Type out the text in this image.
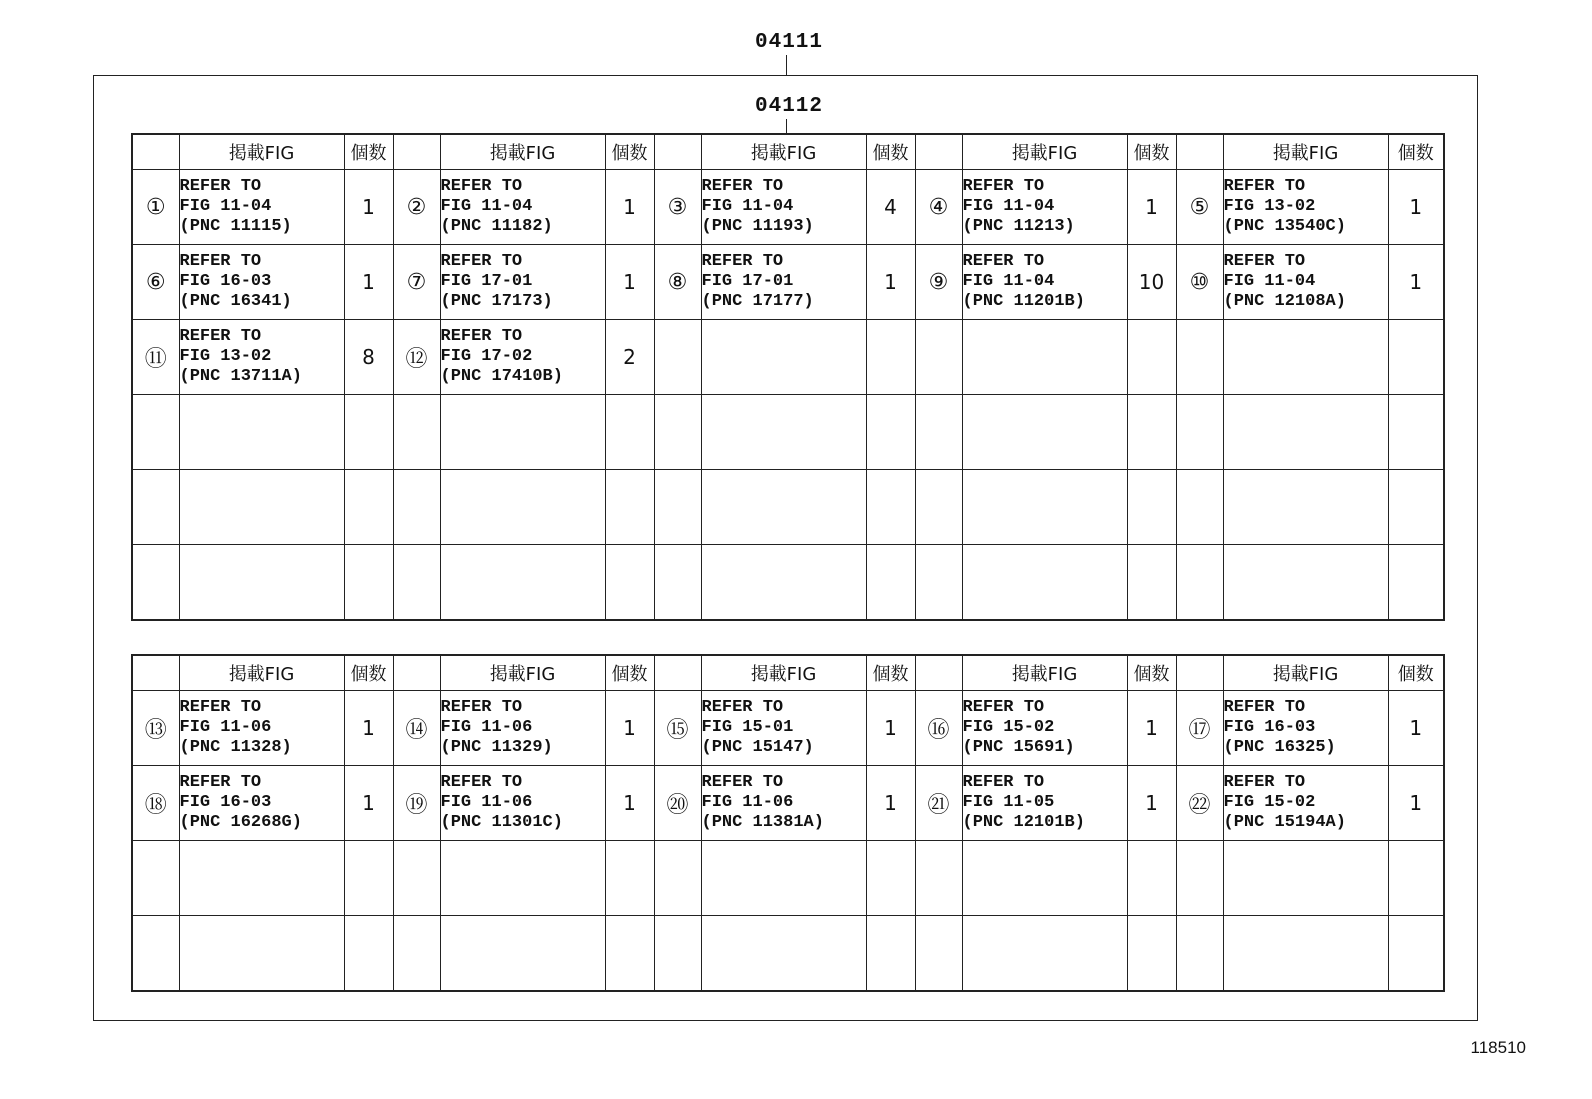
04111
04112
	掲載FIG	個数		掲載FIG	個数		掲載FIG	個数		掲載FIG	個数		掲載FIG	個数
①	REFER TO
FIG 11-04
(PNC 11115)	1	②	REFER TO
FIG 11-04
(PNC 11182)	1	③	REFER TO
FIG 11-04
(PNC 11193)	4	④	REFER TO
FIG 11-04
(PNC 11213)	1	⑤	REFER TO
FIG 13-02
(PNC 13540C)	1
⑥	REFER TO
FIG 16-03
(PNC 16341)	1	⑦	REFER TO
FIG 17-01
(PNC 17173)	1	⑧	REFER TO
FIG 17-01
(PNC 17177)	1	⑨	REFER TO
FIG 11-04
(PNC 11201B)	10	⑩	REFER TO
FIG 11-04
(PNC 12108A)	1
⑪	REFER TO
FIG 13-02
(PNC 13711A)	8	⑫	REFER TO
FIG 17-02
(PNC 17410B)	2		

	掲載FIG	個数		掲載FIG	個数		掲載FIG	個数		掲載FIG	個数		掲載FIG	個数
⑬	REFER TO
FIG 11-06
(PNC 11328)	1	⑭	REFER TO
FIG 11-06
(PNC 11329)	1	⑮	REFER TO
FIG 15-01
(PNC 15147)	1	⑯	REFER TO
FIG 15-02
(PNC 15691)	1	⑰	REFER TO
FIG 16-03
(PNC 16325)	1
⑱	REFER TO
FIG 16-03
(PNC 16268G)	1	⑲	REFER TO
FIG 11-06
(PNC 11301C)	1	⑳	REFER TO
FIG 11-06
(PNC 11381A)	1	㉑	REFER TO
FIG 11-05
(PNC 12101B)	1	㉒	REFER TO
FIG 15-02
(PNC 15194A)	1

118510
